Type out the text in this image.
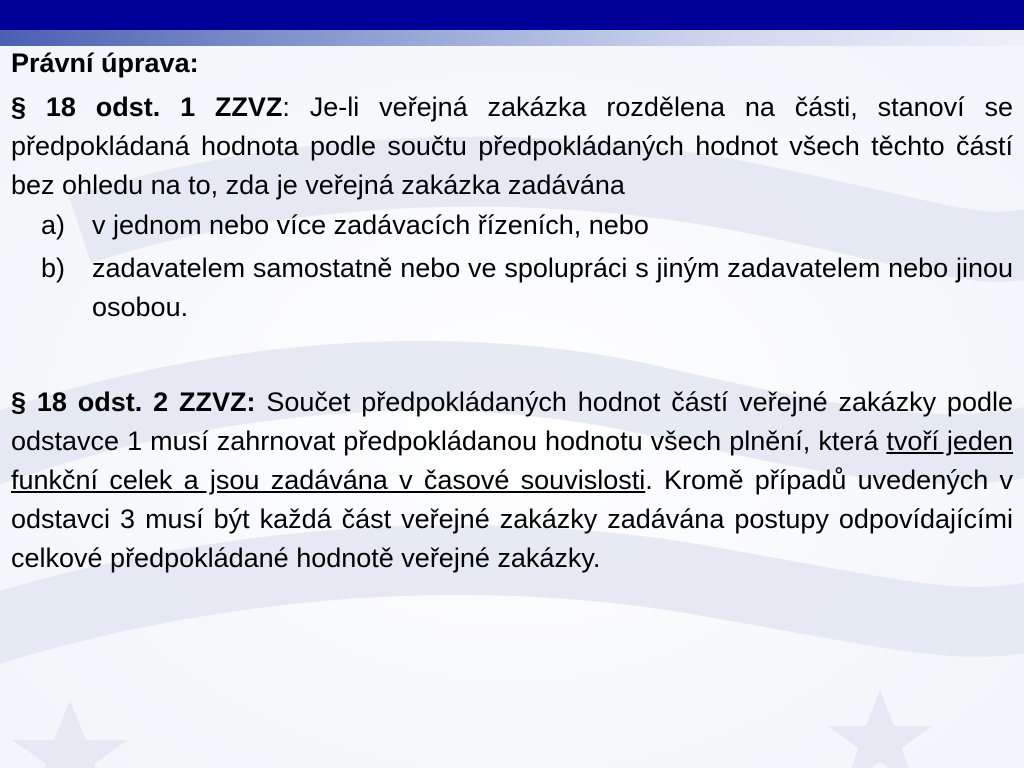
Právní úprava:

§ 18 odst. 1 ZZVZ: Je-li veřejná zakázka rozdělena na části, stanoví se předpokládaná hodnota podle součtu předpokládaných hodnot všech těchto částí bez ohledu na to, zda je veřejná zakázka zadávána

a) v jednom nebo více zadávacích řízeních, nebo
b) zadavatelem samostatně nebo ve spolupráci s jiným zadavatelem nebo jinou osobou.

§ 18 odst. 2 ZZVZ: Součet předpokládaných hodnot částí veřejné zakázky podle odstavce 1 musí zahrnovat předpokládanou hodnotu všech plnění, která tvoří jeden funkční celek a jsou zadávána v časové souvislosti. Kromě případů uvedených v odstavci 3 musí být každá část veřejné zakázky zadávána postupy odpovídajícími celkové předpokládané hodnotě veřejné zakázky.
